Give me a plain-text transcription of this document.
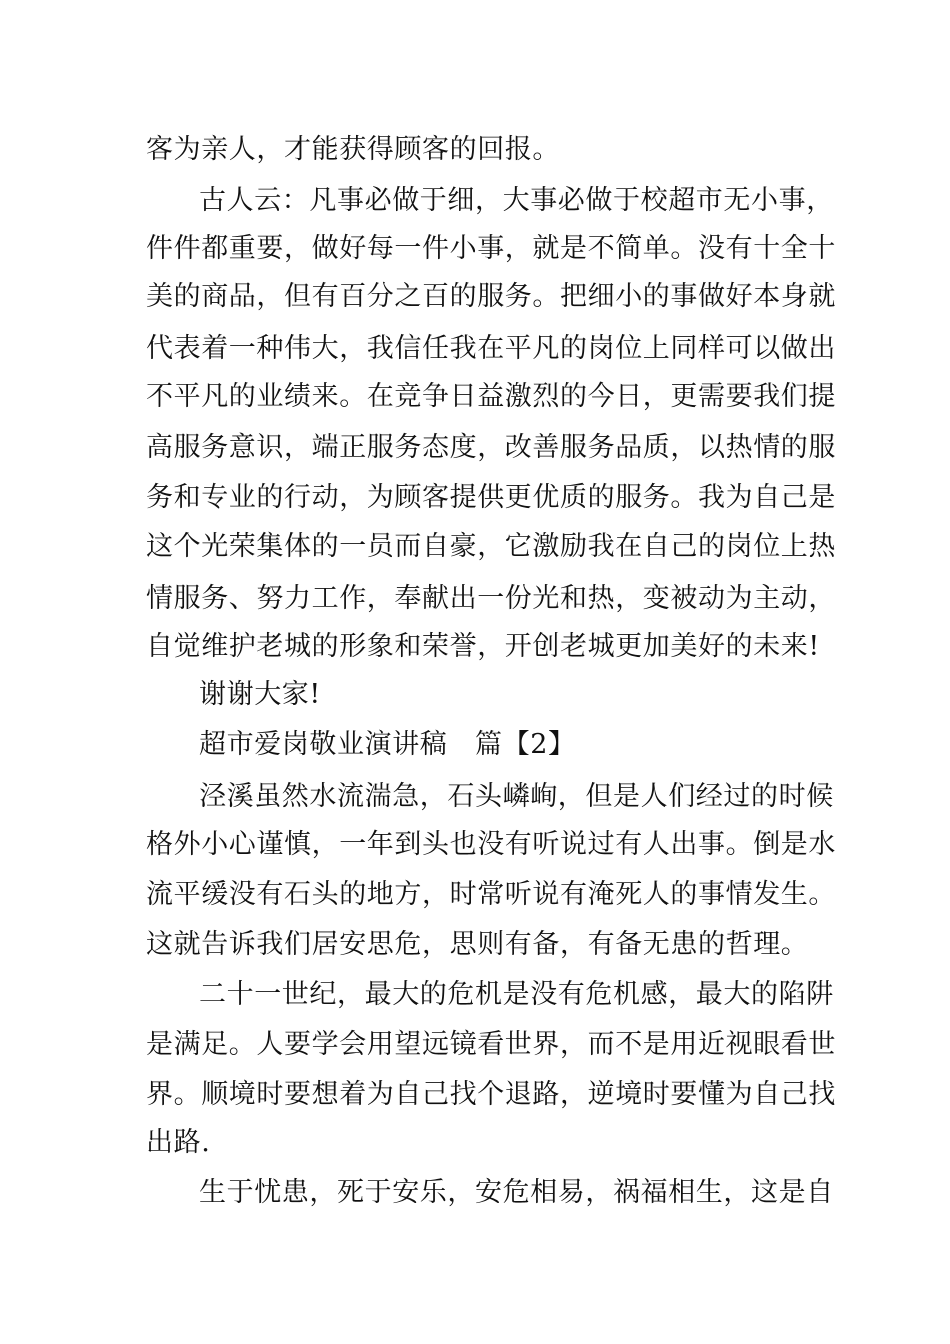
客为亲人，才能获得顾客的回报。
古人云：凡事必做于细，大事必做于校超市无小事，
件件都重要，做好每一件小事，就是不简单。没有十全十
美的商品，但有百分之百的服务。把细小的事做好本身就
代表着一种伟大，我信任我在平凡的岗位上同样可以做出
不平凡的业绩来。在竞争日益激烈的今日，更需要我们提
高服务意识，端正服务态度，改善服务品质，以热情的服
务和专业的行动，为顾客提供更优质的服务。我为自己是
这个光荣集体的一员而自豪，它激励我在自己的岗位上热
情服务、努力工作，奉献出一份光和热，变被动为主动，
自觉维护老城的形象和荣誉，开创老城更加美好的未来!
谢谢大家!
超市爱岗敬业演讲稿　篇【2】
泾溪虽然水流湍急，石头嶙峋，但是人们经过的时候
格外小心谨慎，一年到头也没有听说过有人出事。倒是水
流平缓没有石头的地方，时常听说有淹死人的事情发生。
这就告诉我们居安思危，思则有备，有备无患的哲理。
二十一世纪，最大的危机是没有危机感，最大的陷阱
是满足。人要学会用望远镜看世界，而不是用近视眼看世
界。顺境时要想着为自己找个退路，逆境时要懂为自己找
出路.
生于忧患，死于安乐，安危相易，祸福相生，这是自
